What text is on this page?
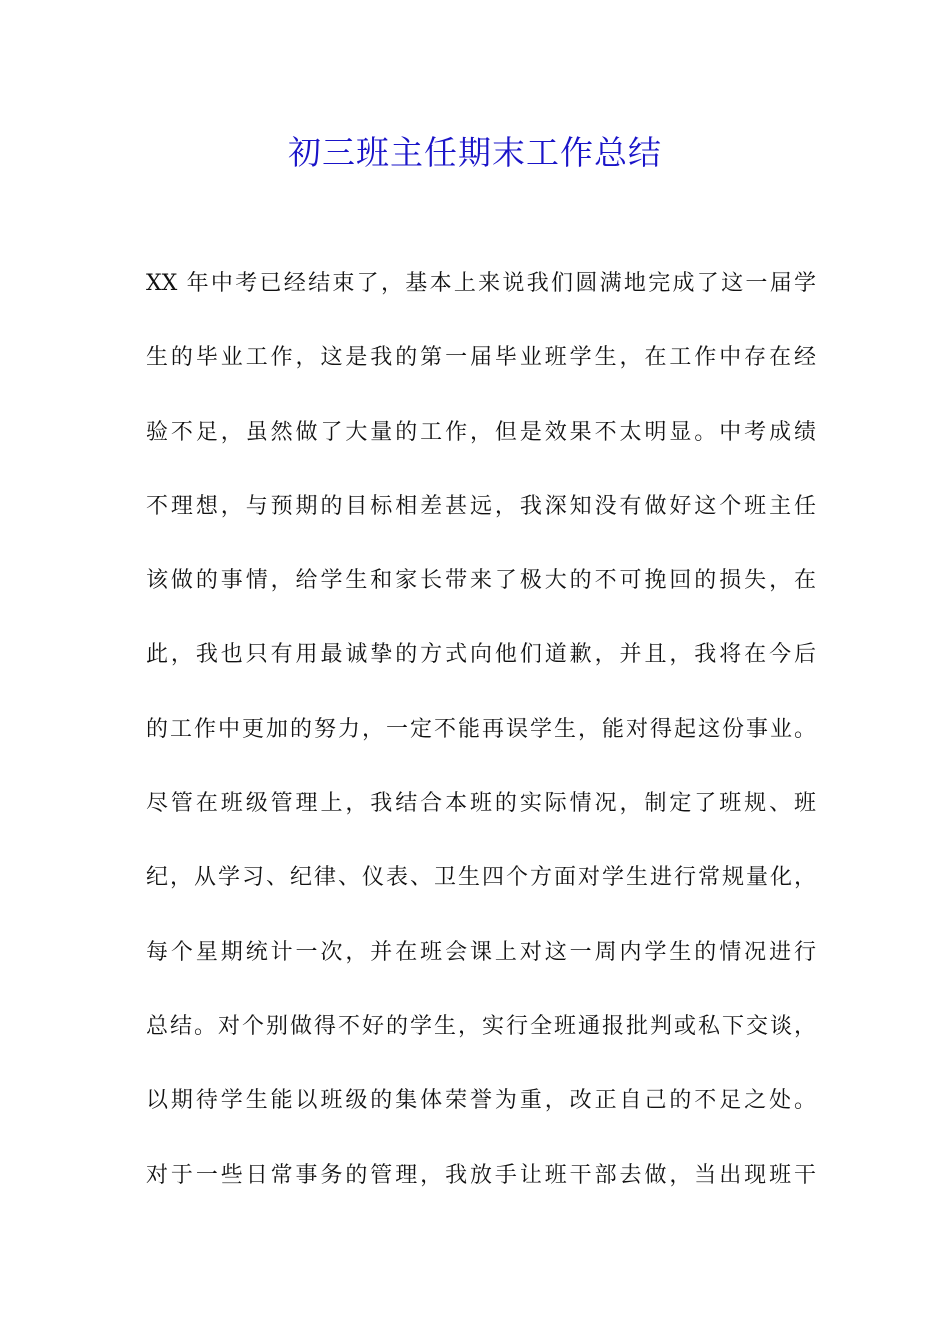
初三班主任期末工作总结
XX 年中考已经结束了，基本上来说我们圆满地完成了这一届学
生的毕业工作，这是我的第一届毕业班学生，在工作中存在经
验不足，虽然做了大量的工作，但是效果不太明显。中考成绩
不理想，与预期的目标相差甚远，我深知没有做好这个班主任
该做的事情，给学生和家长带来了极大的不可挽回的损失，在
此，我也只有用最诚挚的方式向他们道歉，并且，我将在今后
的工作中更加的努力，一定不能再误学生，能对得起这份事业。
尽管在班级管理上，我结合本班的实际情况，制定了班规、班
纪，从学习、纪律、仪表、卫生四个方面对学生进行常规量化，
每个星期统计一次，并在班会课上对这一周内学生的情况进行
总结。对个别做得不好的学生，实行全班通报批判或私下交谈，
以期待学生能以班级的集体荣誉为重，改正自己的不足之处。
对于一些日常事务的管理，我放手让班干部去做，当出现班干
